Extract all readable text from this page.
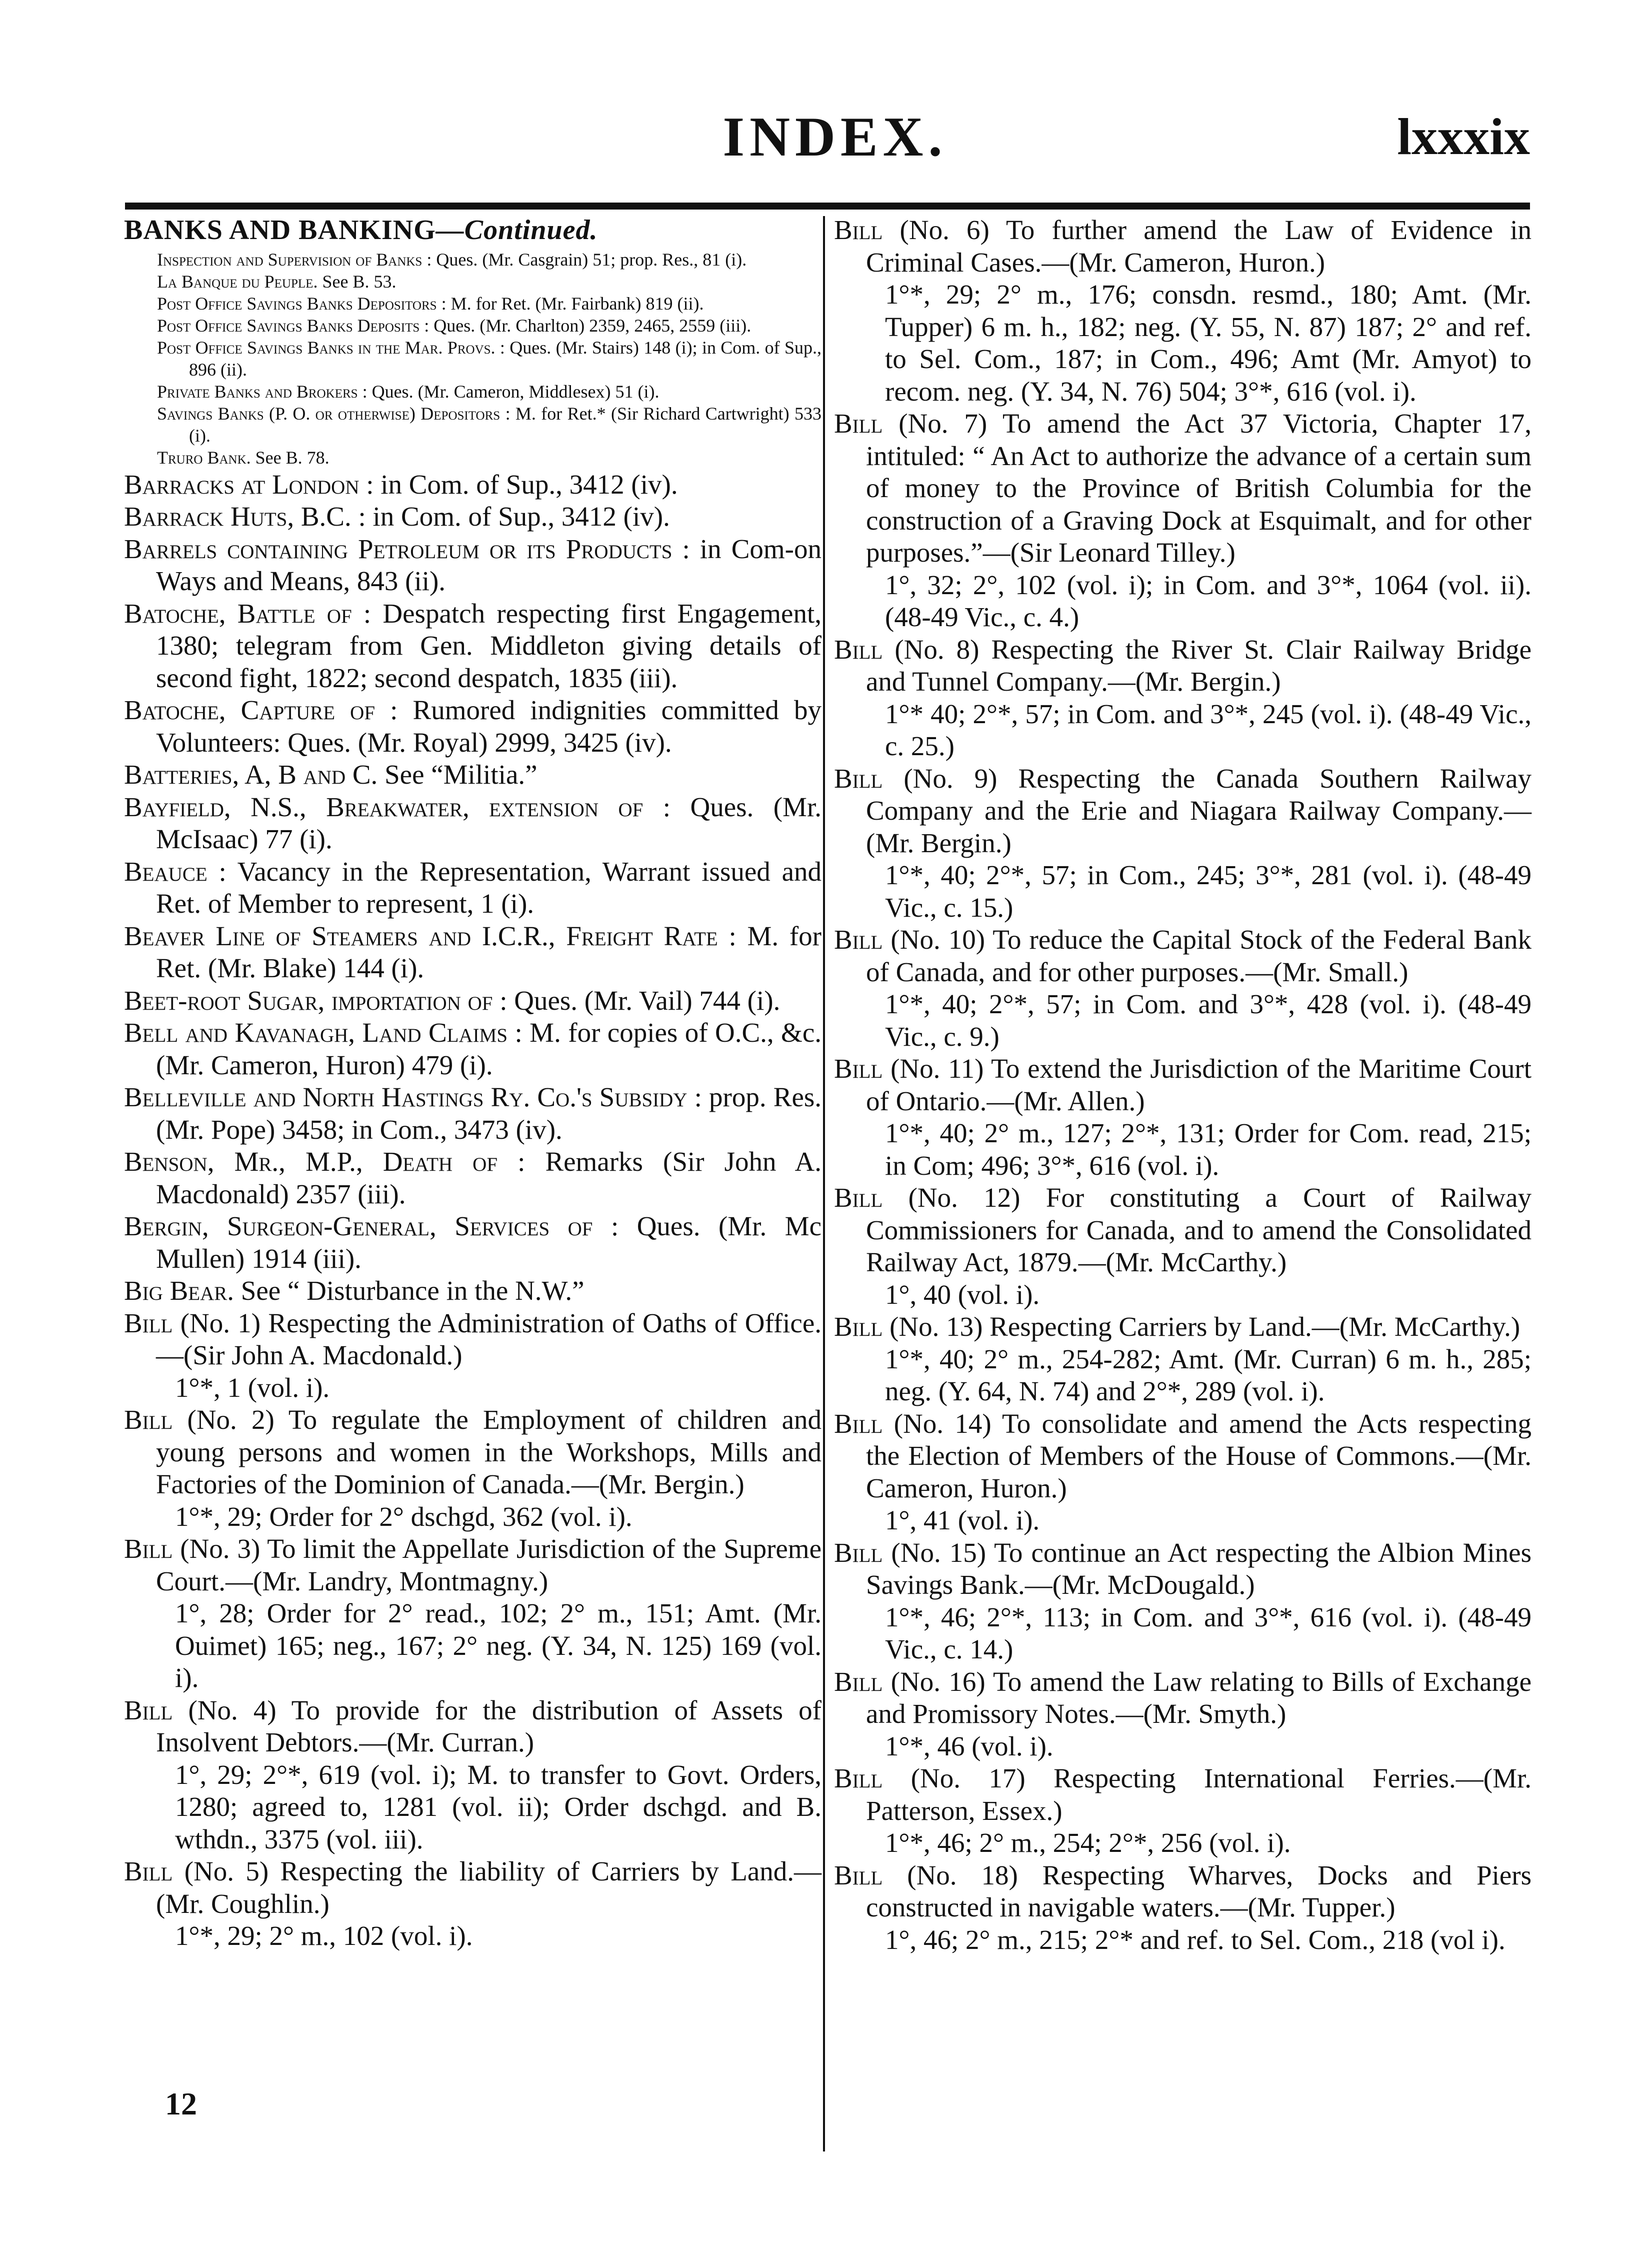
INDEX.	lxxxix

BANKS AND BANKING—Continued.

Inspection and Supervision of Banks : Ques. (Mr. Casgrain) 51; prop. Res., 81 (i).

La Banque du Peuple. See B. 53.

Post Office Savings Banks Depositors : M. for Ret. (Mr. Fairbank) 819 (ii).

Post Office Savings Banks Deposits : Ques. (Mr. Charlton) 2359, 2465, 2559 (iii).

Post Office Savings Banks in the Mar. Provs. : Ques. (Mr. Stairs) 148 (i); in Com. of Sup., 896 (ii).

Private Banks and Brokers : Ques. (Mr. Cameron, Middlesex) 51 (i).

Savings Banks (P. O. or otherwise) Depositors : M. for Ret.* (Sir Richard Cartwright) 533 (i).

Truro Bank. See B. 78.

Barracks at London : in Com. of Sup., 3412 (iv).

Barrack Huts, B.C. : in Com. of Sup., 3412 (iv).

Barrels containing Petroleum or its Products : in Com-on Ways and Means, 843 (ii).

Batoche, Battle of : Despatch respecting first Engagement, 1380; telegram from Gen. Middleton giving details of second fight, 1822; second despatch, 1835 (iii).

Batoche, Capture of : Rumored indignities committed by Volunteers: Ques. (Mr. Royal) 2999, 3425 (iv).

Batteries, A, B and C. See “Militia.”

Bayfield, N.S., Breakwater, extension of : Ques. (Mr. McIsaac) 77 (i).

Beauce : Vacancy in the Representation, Warrant issued and Ret. of Member to represent, 1 (i).

Beaver Line of Steamers and I.C.R., Freight Rate : M. for Ret. (Mr. Blake) 144 (i).

Beet-root Sugar, importation of : Ques. (Mr. Vail) 744 (i).

Bell and Kavanagh, Land Claims : M. for copies of O.C., &c. (Mr. Cameron, Huron) 479 (i).

Belleville and North Hastings Ry. Co.'s Subsidy : prop. Res. (Mr. Pope) 3458; in Com., 3473 (iv).

Benson, Mr., M.P., Death of : Remarks (Sir John A. Macdonald) 2357 (iii).

Bergin, Surgeon-General, Services of : Ques. (Mr. Mc Mullen) 1914 (iii).

Big Bear. See “ Disturbance in the N.W.”

Bill (No. 1) Respecting the Administration of Oaths of Office.—(Sir John A. Macdonald.)
1°*, 1 (vol. i).

Bill (No. 2) To regulate the Employment of children and young persons and women in the Workshops, Mills and Factories of the Dominion of Canada.—(Mr. Bergin.)
1°*, 29; Order for 2° dschgd, 362 (vol. i).

Bill (No. 3) To limit the Appellate Jurisdiction of the Supreme Court.—(Mr. Landry, Montmagny.)
1°, 28; Order for 2° read., 102; 2° m., 151; Amt. (Mr. Ouimet) 165; neg., 167; 2° neg. (Y. 34, N. 125) 169 (vol. i).

Bill (No. 4) To provide for the distribution of Assets of Insolvent Debtors.—(Mr. Curran.)
1°, 29; 2°*, 619 (vol. i); M. to transfer to Govt. Orders, 1280; agreed to, 1281 (vol. ii); Order dschgd. and B. wthdn., 3375 (vol. iii).

Bill (No. 5) Respecting the liability of Carriers by Land.—(Mr. Coughlin.)
1°*, 29; 2° m., 102 (vol. i).

Bill (No. 6) To further amend the Law of Evidence in Criminal Cases.—(Mr. Cameron, Huron.)
1°*, 29; 2° m., 176; consdn. resmd., 180; Amt. (Mr. Tupper) 6 m. h., 182; neg. (Y. 55, N. 87) 187; 2° and ref. to Sel. Com., 187; in Com., 496; Amt (Mr. Amyot) to recom. neg. (Y. 34, N. 76) 504; 3°*, 616 (vol. i).

Bill (No. 7) To amend the Act 37 Victoria, Chapter 17, intituled: “ An Act to authorize the advance of a certain sum of money to the Province of British Columbia for the construction of a Graving Dock at Esquimalt, and for other purposes.”—(Sir Leonard Tilley.)
1°, 32; 2°, 102 (vol. i); in Com. and 3°*, 1064 (vol. ii). (48-49 Vic., c. 4.)

Bill (No. 8) Respecting the River St. Clair Railway Bridge and Tunnel Company.—(Mr. Bergin.)
1°* 40; 2°*, 57; in Com. and 3°*, 245 (vol. i). (48-49 Vic., c. 25.)

Bill (No. 9) Respecting the Canada Southern Railway Company and the Erie and Niagara Railway Company.—(Mr. Bergin.)
1°*, 40; 2°*, 57; in Com., 245; 3°*, 281 (vol. i). (48-49 Vic., c. 15.)

Bill (No. 10) To reduce the Capital Stock of the Federal Bank of Canada, and for other purposes.—(Mr. Small.)
1°*, 40; 2°*, 57; in Com. and 3°*, 428 (vol. i). (48-49 Vic., c. 9.)

Bill (No. 11) To extend the Jurisdiction of the Maritime Court of Ontario.—(Mr. Allen.)
1°*, 40; 2° m., 127; 2°*, 131; Order for Com. read, 215; in Com; 496; 3°*, 616 (vol. i).

Bill (No. 12) For constituting a Court of Railway Commissioners for Canada, and to amend the Consolidated Railway Act, 1879.—(Mr. McCarthy.)
1°, 40 (vol. i).

Bill (No. 13) Respecting Carriers by Land.—(Mr. McCarthy.)
1°*, 40; 2° m., 254-282; Amt. (Mr. Curran) 6 m. h., 285; neg. (Y. 64, N. 74) and 2°*, 289 (vol. i).

Bill (No. 14) To consolidate and amend the Acts respecting the Election of Members of the House of Commons.—(Mr. Cameron, Huron.)
1°, 41 (vol. i).

Bill (No. 15) To continue an Act respecting the Albion Mines Savings Bank.—(Mr. McDougald.)
1°*, 46; 2°*, 113; in Com. and 3°*, 616 (vol. i). (48-49 Vic., c. 14.)

Bill (No. 16) To amend the Law relating to Bills of Exchange and Promissory Notes.—(Mr. Smyth.)
1°*, 46 (vol. i).

Bill (No. 17) Respecting International Ferries.—(Mr. Patterson, Essex.)
1°*, 46; 2° m., 254; 2°*, 256 (vol. i).

Bill (No. 18) Respecting Wharves, Docks and Piers constructed in navigable waters.—(Mr. Tupper.)
1°, 46; 2° m., 215; 2°* and ref. to Sel. Com., 218 (vol i).

12
